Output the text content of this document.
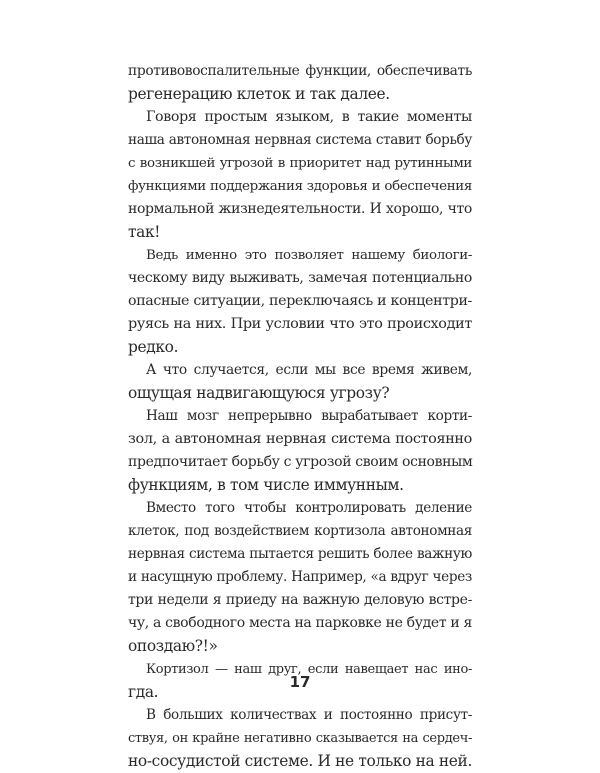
противовоспалительные функции, обеспечивать
регенерацию клеток и так далее.
Говоря простым языком, в такие моменты
наша автономная нервная система ставит борьбу
с возникшей угрозой в приоритет над рутинными
функциями поддержания здоровья и обеспечения
нормальной жизнедеятельности. И хорошо, что
так!
Ведь именно это позволяет нашему биологи-
ческому виду выживать, замечая потенциально
опасные ситуации, переключаясь и концентри-
руясь на них. При условии что это происходит
редко.
А что случается, если мы все время живем,
ощущая надвигающуюся угрозу?
Наш мозг непрерывно вырабатывает корти-
зол, а автономная нервная система постоянно
предпочитает борьбу с угрозой своим основным
функциям, в том числе иммунным.
Вместо того чтобы контролировать деление
клеток, под воздействием кортизола автономная
нервная система пытается решить более важную
и насущную проблему. Например, «а вдруг через
три недели я приеду на важную деловую встре-
чу, а свободного места на парковке не будет и я
опоздаю?!»
Кортизол — наш друг, если навещает нас ино-
гда.
В больших количествах и постоянно присут-
ствуя, он крайне негативно сказывается на сердеч-
но-сосудистой системе. И не только на ней.
17
